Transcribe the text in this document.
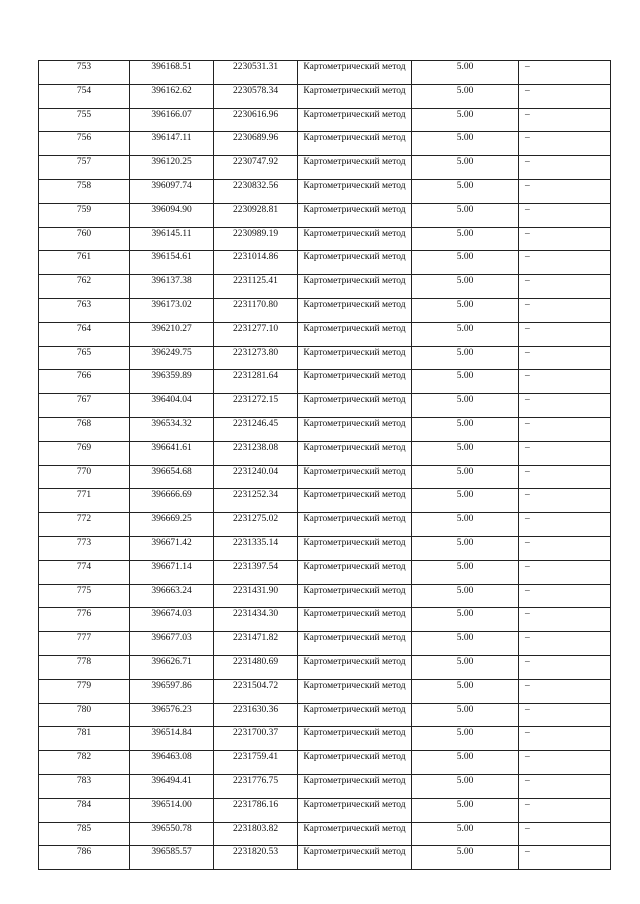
753	396168.51	2230531.31	Картометрический метод	5.00	–
754	396162.62	2230578.34	Картометрический метод	5.00	–
755	396166.07	2230616.96	Картометрический метод	5.00	–
756	396147.11	2230689.96	Картометрический метод	5.00	–
757	396120.25	2230747.92	Картометрический метод	5.00	–
758	396097.74	2230832.56	Картометрический метод	5.00	–
759	396094.90	2230928.81	Картометрический метод	5.00	–
760	396145.11	2230989.19	Картометрический метод	5.00	–
761	396154.61	2231014.86	Картометрический метод	5.00	–
762	396137.38	2231125.41	Картометрический метод	5.00	–
763	396173.02	2231170.80	Картометрический метод	5.00	–
764	396210.27	2231277.10	Картометрический метод	5.00	–
765	396249.75	2231273.80	Картометрический метод	5.00	–
766	396359.89	2231281.64	Картометрический метод	5.00	–
767	396404.04	2231272.15	Картометрический метод	5.00	–
768	396534.32	2231246.45	Картометрический метод	5.00	–
769	396641.61	2231238.08	Картометрический метод	5.00	–
770	396654.68	2231240.04	Картометрический метод	5.00	–
771	396666.69	2231252.34	Картометрический метод	5.00	–
772	396669.25	2231275.02	Картометрический метод	5.00	–
773	396671.42	2231335.14	Картометрический метод	5.00	–
774	396671.14	2231397.54	Картометрический метод	5.00	–
775	396663.24	2231431.90	Картометрический метод	5.00	–
776	396674.03	2231434.30	Картометрический метод	5.00	–
777	396677.03	2231471.82	Картометрический метод	5.00	–
778	396626.71	2231480.69	Картометрический метод	5.00	–
779	396597.86	2231504.72	Картометрический метод	5.00	–
780	396576.23	2231630.36	Картометрический метод	5.00	–
781	396514.84	2231700.37	Картометрический метод	5.00	–
782	396463.08	2231759.41	Картометрический метод	5.00	–
783	396494.41	2231776.75	Картометрический метод	5.00	–
784	396514.00	2231786.16	Картометрический метод	5.00	–
785	396550.78	2231803.82	Картометрический метод	5.00	–
786	396585.57	2231820.53	Картометрический метод	5.00	–
